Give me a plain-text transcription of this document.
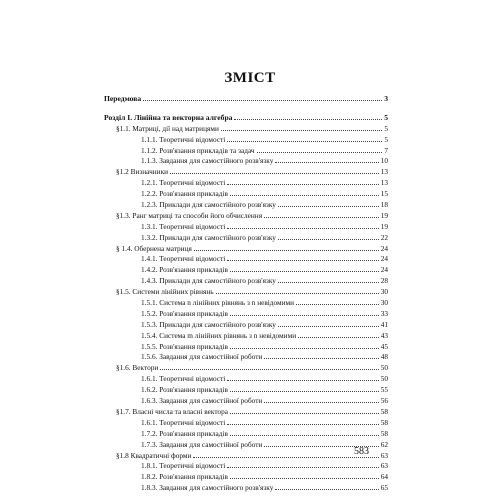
ЗМІСТ
Передмова	3
Розділ І. Лінійна та векторна алгебра	5
§1.1. Матриці, дії над матрицями	5
1.1.1. Теоретичні відомості	5
1.1.2. Розв'язання прикладів та задач	7
1.1.3. Завдання для самостійного розв'язку	10
§1.2 Визначники	13
1.2.1. Теоретичні відомості	13
1.2.2. Розв'язання прикладів	15
1.2.3. Приклади для самостійного розв'язку	18
§1.3. Ранг матриці та способи його обчислення	19
1.3.1. Теоретичні відомості	19
1.3.2. Приклади для самостійного розв'язку	22
§ 1.4. Обернена матриця	24
1.4.1. Теоретичні відомості	24
1.4.2. Розв'язання прикладів	24
1.4.3. Приклади для самостійного розв'язку	28
§1.5. Системи лінійних рівнянь	30
1.5.1. Система n лінійних рівнянь з n невідомими	30
1.5.2. Розв'язання прикладів	33
1.5.3. Приклади для самостійного розв'язку	41
1.5.4. Система m лінійних рівнянь з n невідомими	43
1.5.5. Розв'язання прикладів	45
1.5.6. Завдання для самостійної роботи	48
§1.6. Вектори	50
1.6.1. Теоретичні відомості	50
1.6.2. Розв'язання прикладів	55
1.6.3. Завдання для самостійної роботи	56
§1.7. Власні числа та власні вектора	58
1.6.1. Теоретичні відомості	58
1.7.2. Розв'язання прикладів	58
1.7.3. Завдання для самостійної роботи	62
§1.8 Квадратичні форми	63
1.8.1. Теоретичні відомості	63
1.8.2. Розв'язання прикладів	64
1.8.3. Завдання для самостійного розв'язку	65
583
